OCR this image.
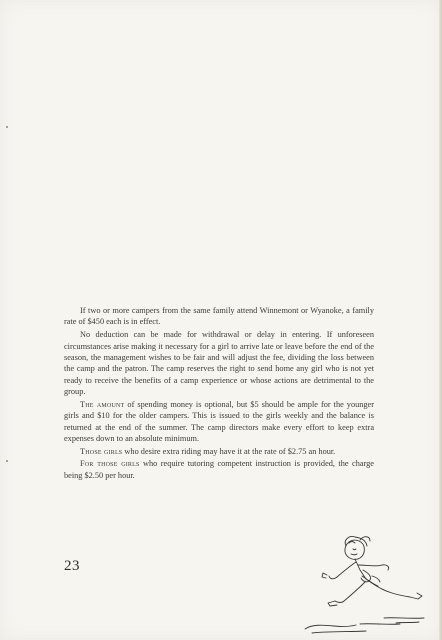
If two or more campers from the same family attend Winnemont or Wyanoke, a family rate of $450 each is in effect.

No deduction can be made for withdrawal or delay in entering. If unforeseen circumstances arise making it necessary for a girl to arrive late or leave before the end of the season, the management wishes to be fair and will adjust the fee, dividing the loss between the camp and the patron. The camp reserves the right to send home any girl who is not yet ready to receive the benefits of a camp experience or whose actions are detrimental to the group.

The amount of spending money is optional, but $5 should be ample for the younger girls and $10 for the older campers. This is issued to the girls weekly and the balance is returned at the end of the summer. The camp directors make every effort to keep extra expenses down to an absolute minimum.

Those girls who desire extra riding may have it at the rate of $2.75 an hour.

For those girls who require tutoring competent instruction is provided, the charge being $2.50 per hour.

23
